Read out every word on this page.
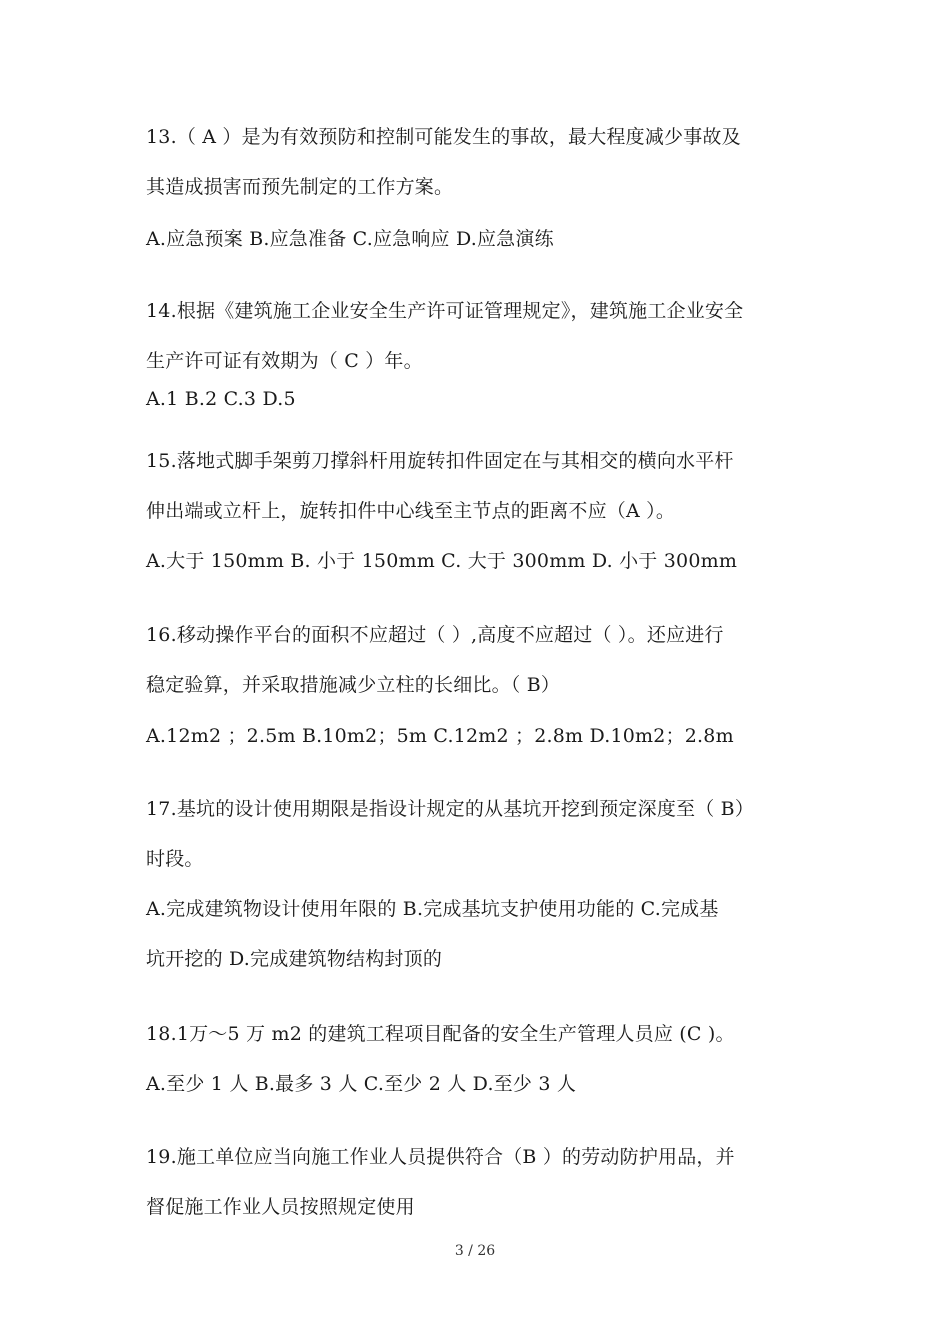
13.（ A ）是为有效预防和控制可能发生的事故，最大程度减少事故及

其造成损害而预先制定的工作方案。

A.应急预案 B.应急准备 C.应急响应 D.应急演练

14.根据《建筑施工企业安全生产许可证管理规定》，建筑施工企业安全

生产许可证有效期为（ C ）年。

A.1 B.2 C.3 D.5

15.落地式脚手架剪刀撑斜杆用旋转扣件固定在与其相交的横向水平杆

伸出端或立杆上，旋转扣件中心线至主节点的距离不应（A ）。

A.大于 150mm B. 小于 150mm C. 大于 300mm D. 小于 300mm

16.移动操作平台的面积不应超过（ ）,高度不应超过（ ）。还应进行

稳定验算，并采取措施减少立柱的长细比。（ B）

A.12m2 ；2.5m B.10m2；5m C.12m2 ；2.8m D.10m2；2.8m

17.基坑的设计使用期限是指设计规定的从基坑开挖到预定深度至（ B）

时段。

A.完成建筑物设计使用年限的 B.完成基坑支护使用功能的 C.完成基

坑开挖的 D.完成建筑物结构封顶的

18.1万～5 万 m2 的建筑工程项目配备的安全生产管理人员应 (C )。

A.至少 1 人 B.最多 3 人 C.至少 2 人 D.至少 3 人

19.施工单位应当向施工作业人员提供符合（B ）的劳动防护用品，并

督促施工作业人员按照规定使用

3 / 26
